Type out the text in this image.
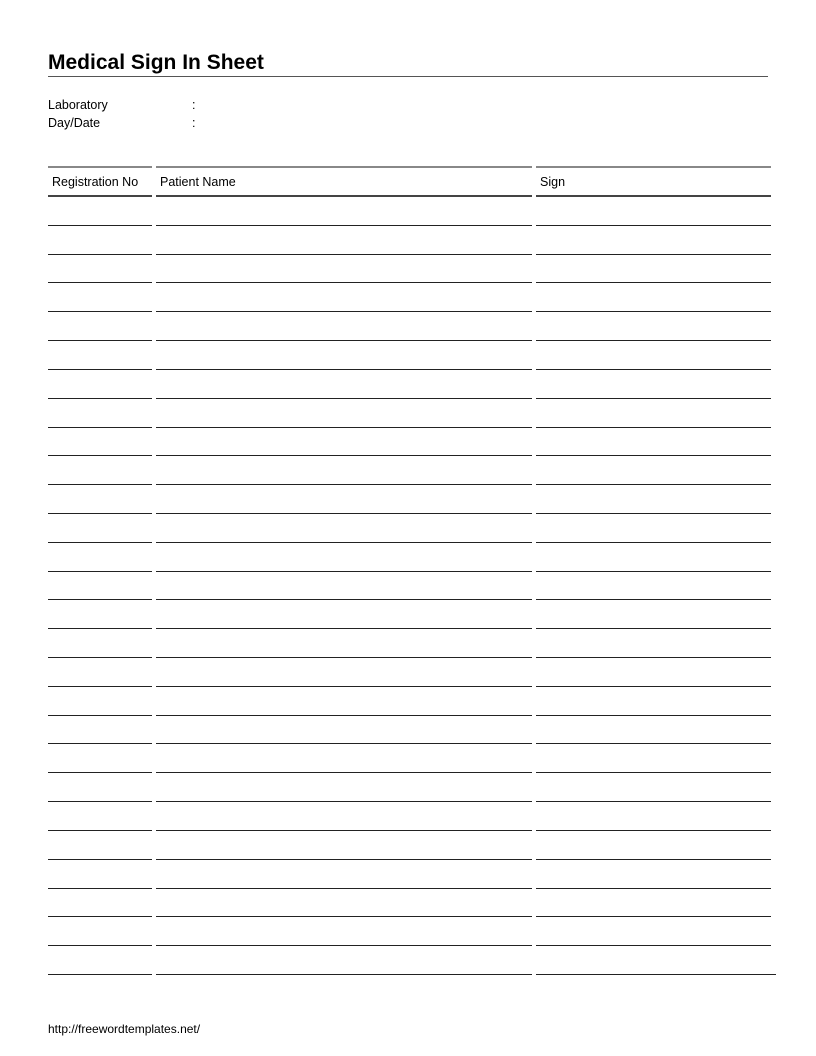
Medical Sign In Sheet
Laboratory	:
Day/Date	:
Registration No	Patient Name	Sign
http://freewordtemplates.net/
